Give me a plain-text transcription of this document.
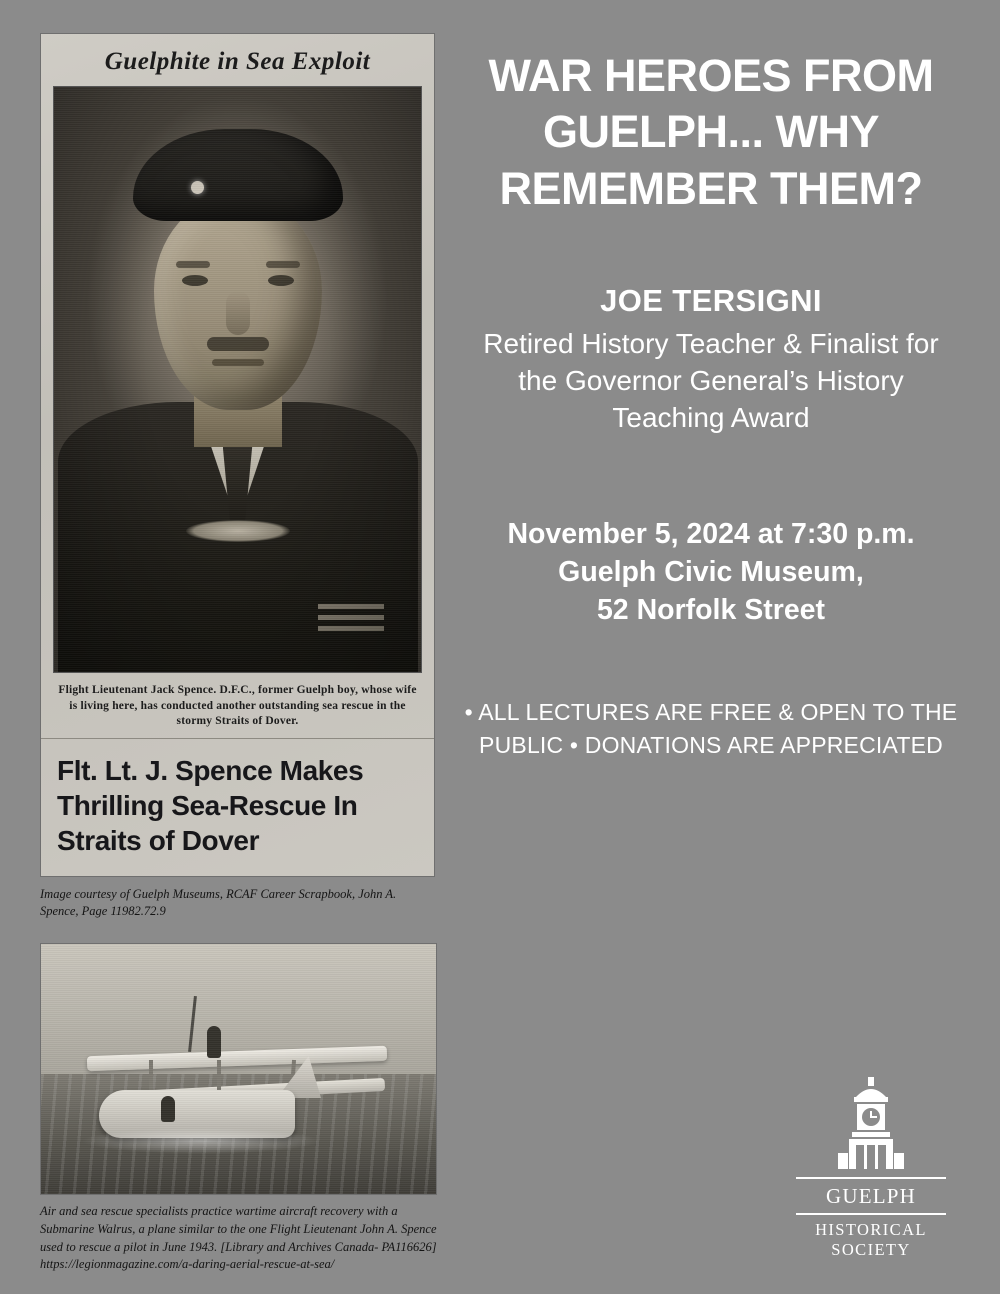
Guelphite in Sea Exploit
Flight Lieutenant Jack Spence. D.F.C., former Guelph boy, whose wife is living here, has conducted another outstanding sea rescue in the stormy Straits of Dover.
Flt. Lt. J. Spence Makes Thrilling Sea-Rescue In Straits of Dover
Image courtesy of Guelph Museums, RCAF Career Scrapbook, John A. Spence, Page 11982.72.9
Air and sea rescue specialists practice wartime aircraft recovery with a Submarine Walrus, a plane similar to the one Flight Lieutenant John A. Spence used to rescue a pilot in June 1943. [Library and Archives Canada- PA116626] https://legionmagazine.com/a-daring-aerial-rescue-at-sea/
WAR HEROES FROM GUELPH... WHY REMEMBER THEM?
JOE TERSIGNI
Retired History Teacher & Finalist for the Governor General’s History Teaching Award
November 5, 2024 at 7:30 p.m.
Guelph Civic Museum,
52 Norfolk Street
• ALL LECTURES ARE FREE & OPEN TO THE PUBLIC • DONATIONS ARE APPRECIATED
GUELPH
HISTORICAL
SOCIETY
